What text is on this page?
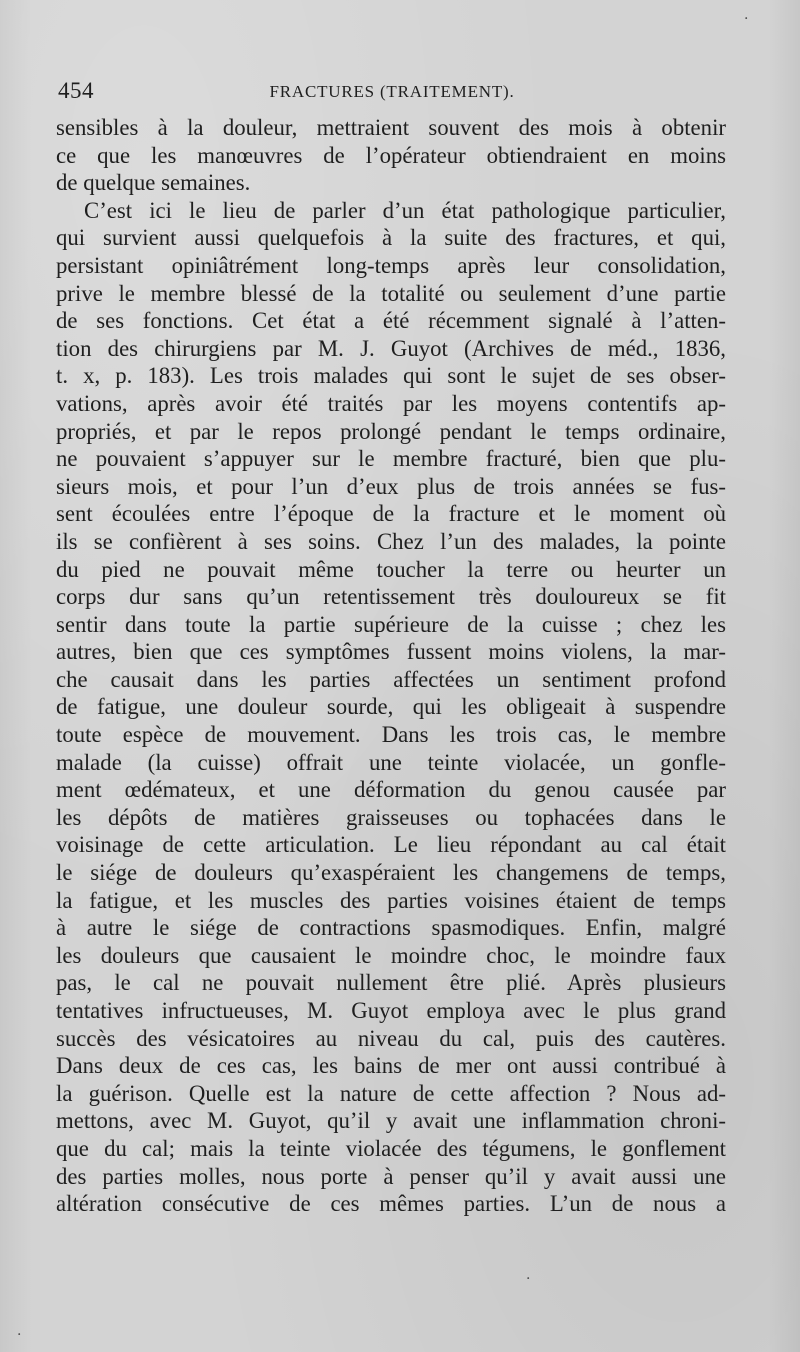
454	FRACTURES (TRAITEMENT).
sensibles à la douleur, mettraient souvent des mois à obtenir
ce que les manœuvres de l’opérateur obtiendraient en moins
de quelque semaines.
C’est ici le lieu de parler d’un état pathologique particulier,
qui survient aussi quelquefois à la suite des fractures, et qui,
persistant opiniâtrément long-temps après leur consolidation,
prive le membre blessé de la totalité ou seulement d’une partie
de ses fonctions. Cet état a été récemment signalé à l’atten-
tion des chirurgiens par M. J. Guyot (Archives de méd., 1836,
t. x, p. 183). Les trois malades qui sont le sujet de ses obser-
vations, après avoir été traités par les moyens contentifs ap-
propriés, et par le repos prolongé pendant le temps ordinaire,
ne pouvaient s’appuyer sur le membre fracturé, bien que plu-
sieurs mois, et pour l’un d’eux plus de trois années se fus-
sent écoulées entre l’époque de la fracture et le moment où
ils se confièrent à ses soins. Chez l’un des malades, la pointe
du pied ne pouvait même toucher la terre ou heurter un
corps dur sans qu’un retentissement très douloureux se fit
sentir dans toute la partie supérieure de la cuisse ; chez les
autres, bien que ces symptômes fussent moins violens, la mar-
che causait dans les parties affectées un sentiment profond
de fatigue, une douleur sourde, qui les obligeait à suspendre
toute espèce de mouvement. Dans les trois cas, le membre
malade (la cuisse) offrait une teinte violacée, un gonfle-
ment œdémateux, et une déformation du genou causée par
les dépôts de matières graisseuses ou tophacées dans le
voisinage de cette articulation. Le lieu répondant au cal était
le siége de douleurs qu’exaspéraient les changemens de temps,
la fatigue, et les muscles des parties voisines étaient de temps
à autre le siége de contractions spasmodiques. Enfin, malgré
les douleurs que causaient le moindre choc, le moindre faux
pas, le cal ne pouvait nullement être plié. Après plusieurs
tentatives infructueuses, M. Guyot employa avec le plus grand
succès des vésicatoires au niveau du cal, puis des cautères.
Dans deux de ces cas, les bains de mer ont aussi contribué à
la guérison. Quelle est la nature de cette affection ? Nous ad-
mettons, avec M. Guyot, qu’il y avait une inflammation chroni-
que du cal; mais la teinte violacée des tégumens, le gonflement
des parties molles, nous porte à penser qu’il y avait aussi une
altération consécutive de ces mêmes parties. L’un de nous a
·
·
·
